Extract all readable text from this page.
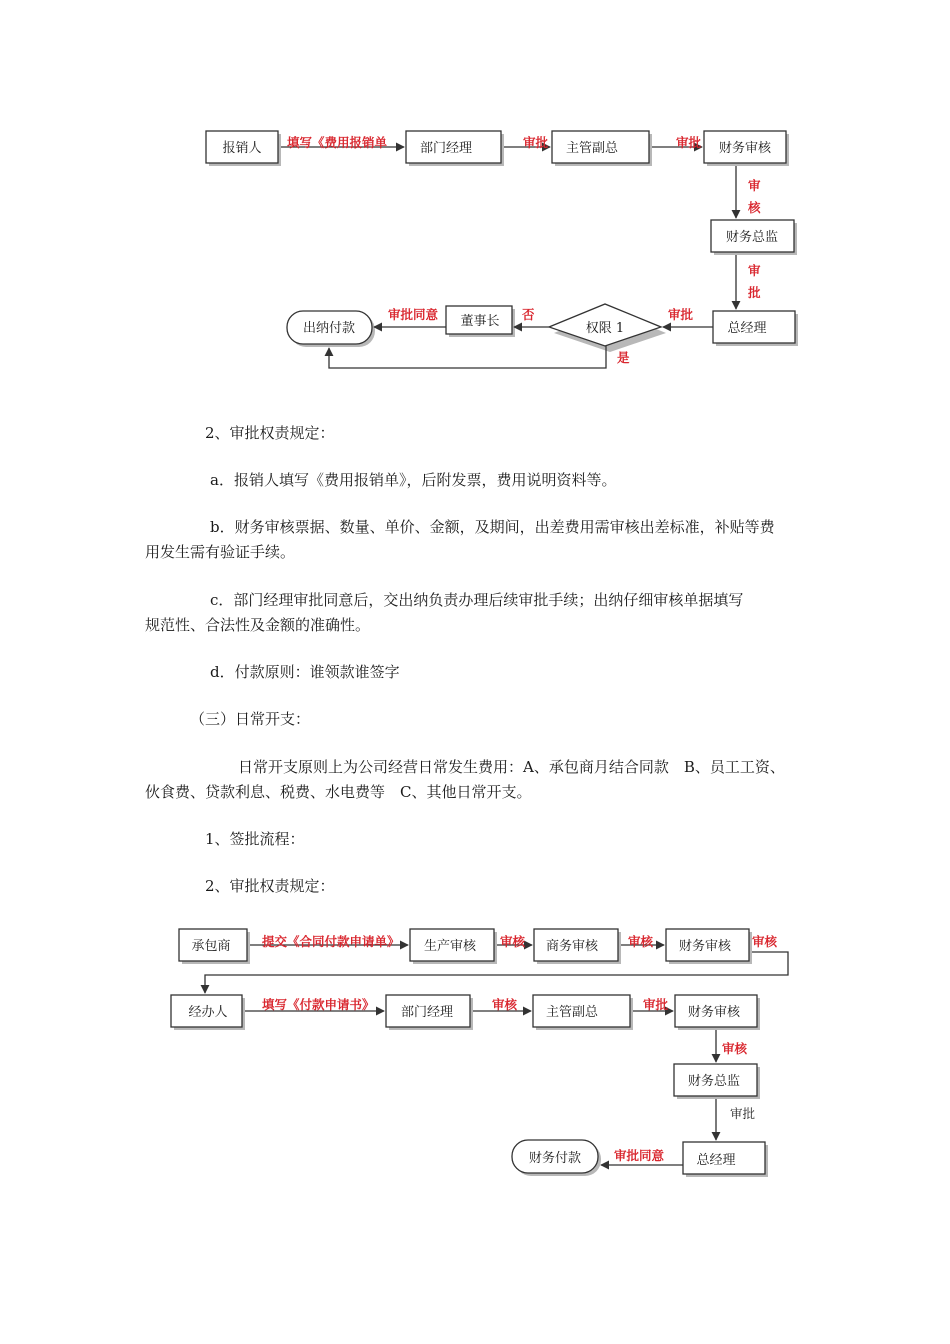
报销人	部门经理	主管副总	财务审核
财务总监
总经理
权限 1
董事长
出纳付款
填写《费用报销单	审批	审批
审
核
审
批
审批
否
审批同意
是

2、审批权责规定：

a．报销人填写《费用报销单》，后附发票，费用说明资料等。

b．财务审核票据、数量、单价、金额，及期间，出差费用需审核出差标准，补贴等费

用发生需有验证手续。

c．部门经理审批同意后，交出纳负责办理后续审批手续；出纳仔细审核单据填写

规范性、合法性及金额的准确性。

d．付款原则：谁领款谁签字

（三）日常开支：

日常开支原则上为公司经营日常发生费用：A、承包商月结合同款　B、员工工资、

伙食费、贷款利息、税费、水电费等　C、其他日常开支。

1、签批流程：

2、审批权责规定：

承包商	生产审核	商务审核	财务审核
提交《合同付款申请单》	审核	审核	审核
经办人	部门经理	主管副总	财务审核
填写《付款申请书》	审核	审批
财务总监
总经理
财务付款
审核
审批
审批同意
